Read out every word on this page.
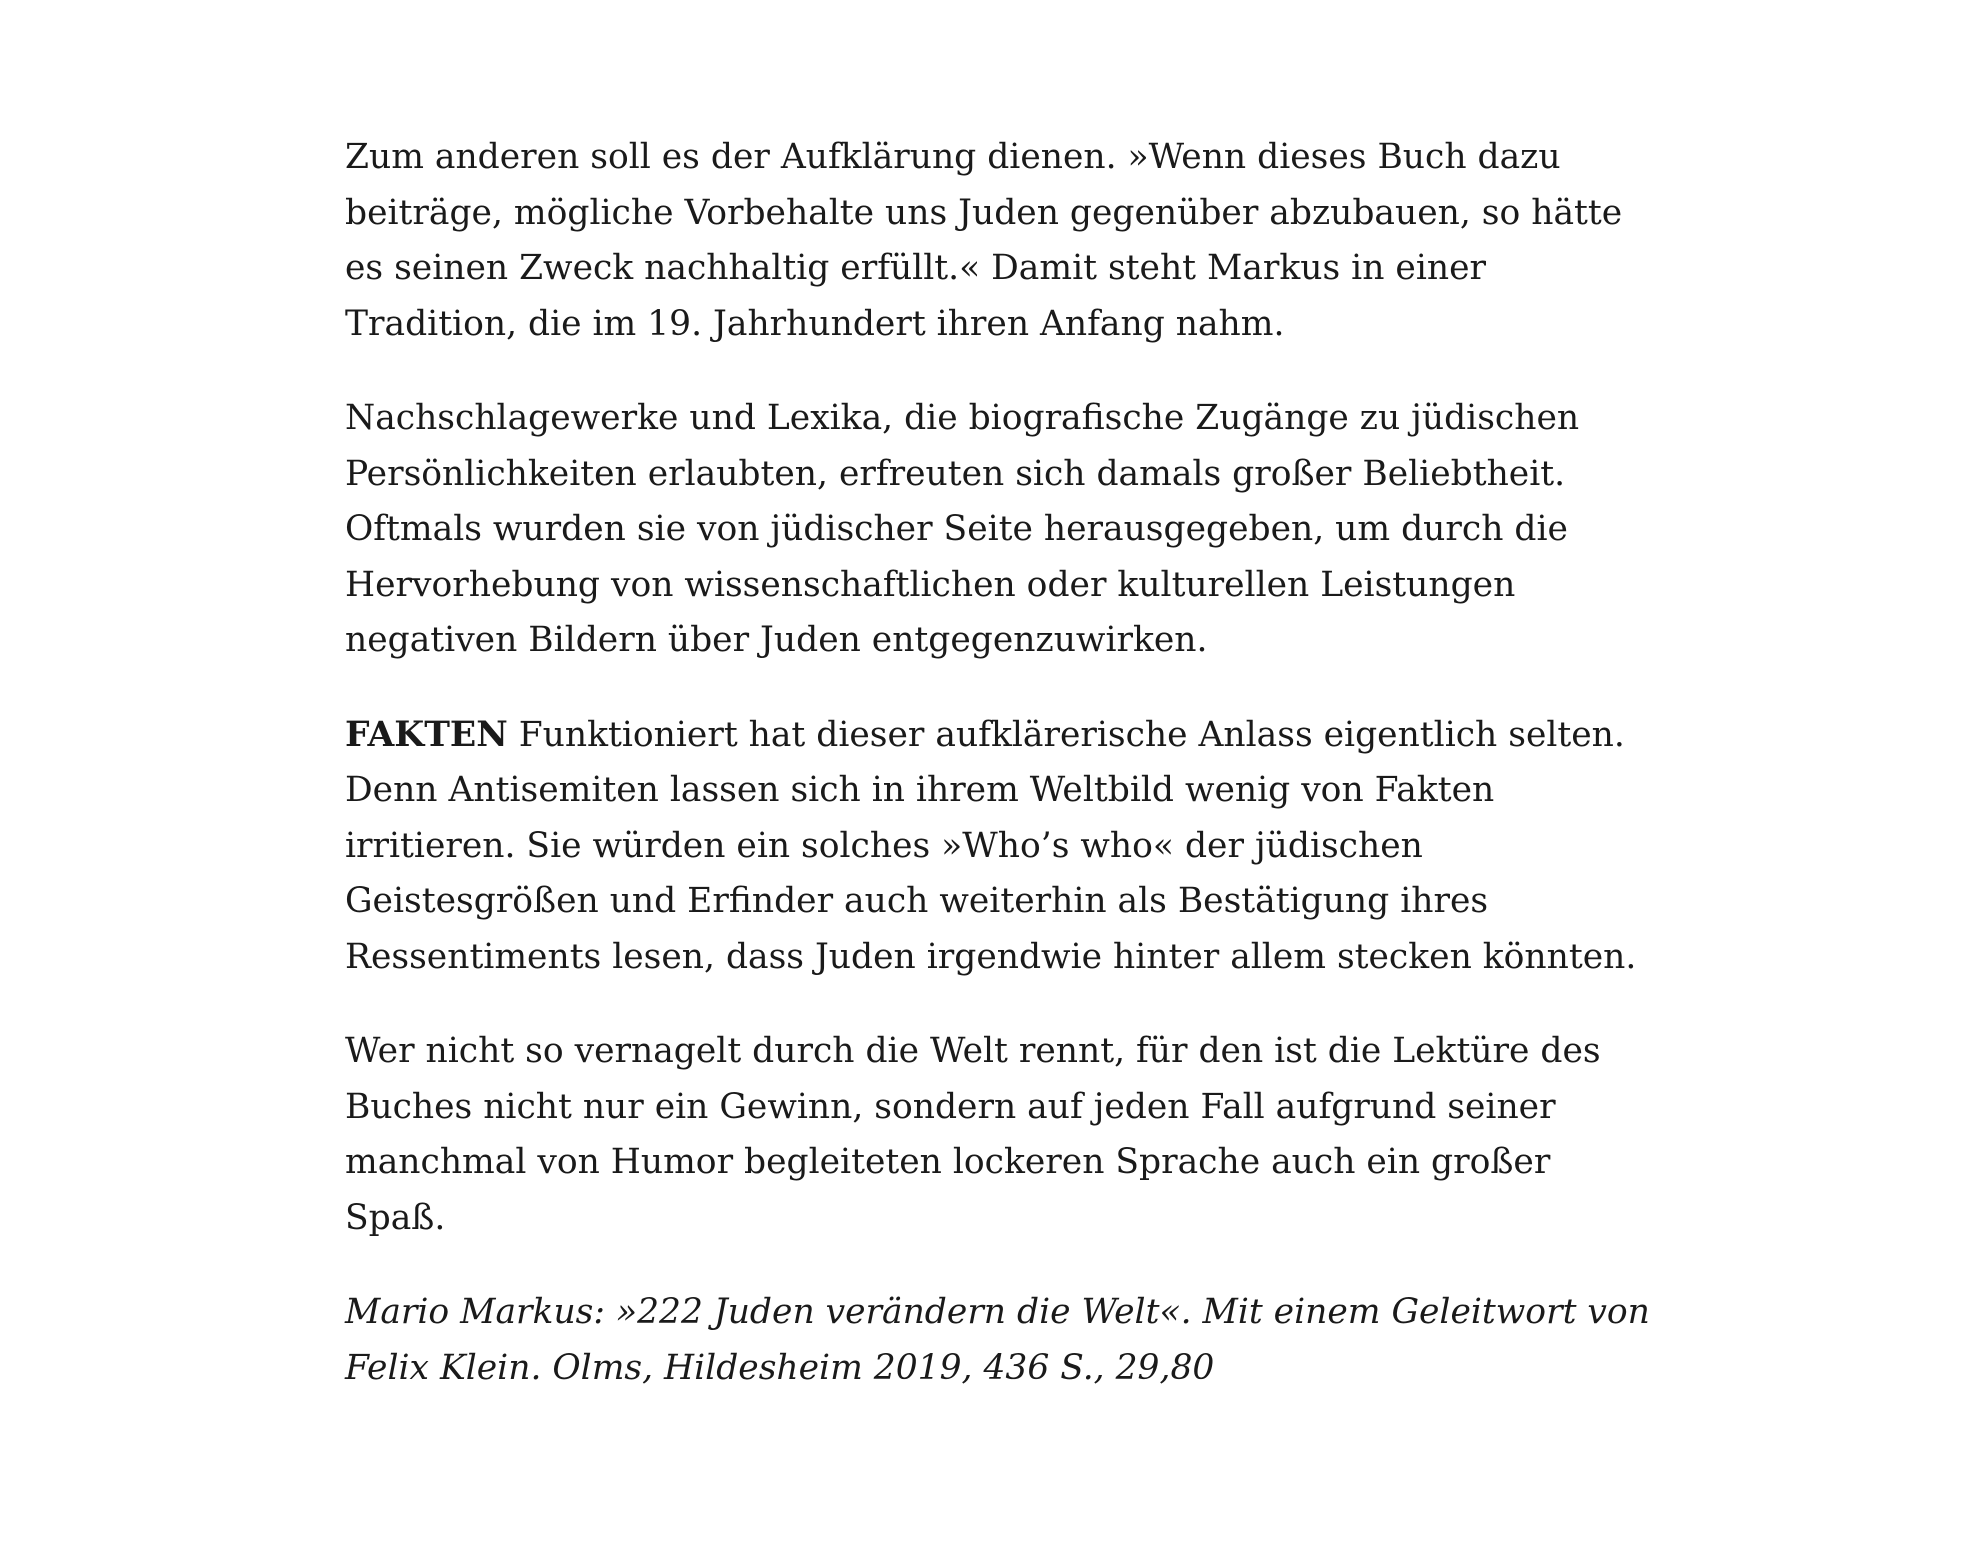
Zum anderen soll es der Aufklärung dienen. »Wenn dieses Buch dazu beiträge, mögliche Vorbehalte uns Juden gegenüber abzubauen, so hätte es seinen Zweck nachhaltig erfüllt.« Damit steht Markus in einer Tradition, die im 19. Jahrhundert ihren Anfang nahm.

Nachschlagewerke und Lexika, die biografische Zugänge zu jüdischen Persönlichkeiten erlaubten, erfreuten sich damals großer Beliebtheit. Oftmals wurden sie von jüdischer Seite herausgegeben, um durch die Hervorhebung von wissenschaftlichen oder kulturellen Leistungen negativen Bildern über Juden entgegenzuwirken.

FAKTEN Funktioniert hat dieser aufklärerische Anlass eigentlich selten. Denn Antisemiten lassen sich in ihrem Weltbild wenig von Fakten irritieren. Sie würden ein solches »Who’s who« der jüdischen Geistesgrößen und Erfinder auch weiterhin als Bestätigung ihres Ressentiments lesen, dass Juden irgendwie hinter allem stecken könnten.

Wer nicht so vernagelt durch die Welt rennt, für den ist die Lektüre des Buches nicht nur ein Gewinn, sondern auf jeden Fall aufgrund seiner manchmal von Humor begleiteten lockeren Sprache auch ein großer Spaß.

Mario Markus: »222 Juden verändern die Welt«. Mit einem Geleitwort von Felix Klein. Olms, Hildesheim 2019, 436 S., 29,80
